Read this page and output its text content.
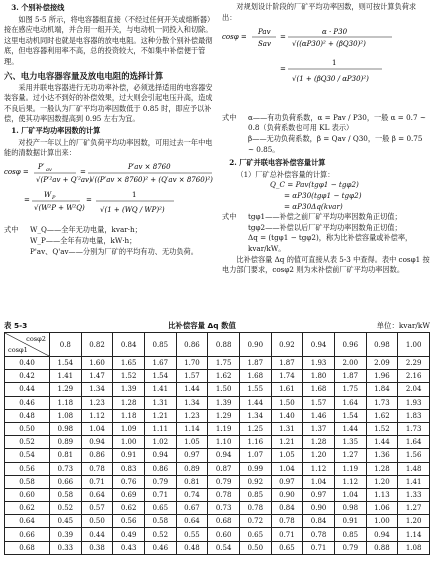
3. 个别补偿接线

如图 5-5 所示，将电容器组直接（不经过任何开关或熔断器）接在感应电动机端，并合用一组开关，与电动机一同投入和切除。这里电动机同时也就是电容器的放电电阻。这种分散个别补偿最彻底，但电容器利用率不高，总的投资较大，不如集中补偿便于管理。

六、电力电容器容量及放电电阻的选择计算

采用并联电容器进行无功功率补偿，必须选择适用的电容器安装容量。过小达不到好的补偿效果，过大则会引起电压升高，造成不良后果。一般认为厂矿平均功率因数低于 0.85 时，即应予以补偿，使其功率因数提高到 0.95 左右为宜。

1. 厂矿平均功率因数的计算

对投产一年以上的厂矿负荷平均功率因数，可用过去一年中电能的清数据计算出来：

cosφ =
P′ av
√(P′²av + Q′²av)
=
P′av × 8760
√((P′av × 8760)² + (Q′av × 8760)²)
=
W P
√(W²P + W²Q)
=
1
√(1 + (WQ / WP)²)
式中	W_Q——全年无功电量，kvar·h；
W_P——全年有功电量，kW·h；
P'av、Q'av——分别为厂矿的平均有功、无功负荷。

对规划设计阶段的厂矿平均功率因数，则可按计算负荷求出：

cosφ =
Pav
Sav
=
α · P30
√((αP30)² + (βQ30)²)
=
1
√(1 + (βQ30 / αP30)²)
式中	α——有功负荷系数，α = Pav / P30，一般 α = 0.7 ~ 0.8（负荷系数也可用 KL 表示）
β——无功负荷系数，β = Qav / Q30，一般 β = 0.75 ~ 0.85。
2. 厂矿并联电容补偿容量计算

（1）厂矿总补偿容量的计算：

Q_C = Pav(tgφ1 − tgφ2)
= αP30(tgφ1 − tgφ2)
= αP30Δq(kvar)
式中	tgφ1——补偿之前厂矿平均功率因数角正切值；
tgφ2——补偿以后厂矿平均功率因数角正切值；
Δq = (tgφ1 − tgφ2)，称为比补偿容量或补偿率，kvar/kW。

比补偿容量 Δq 的值可直接从表 5-3 中查得。表中 cosφ1 按电力部门要求，cosφ2 则为未补偿前厂矿平均功率因数。

表 5-3	比补偿容量 Δq 数值	单位：kvar/kW
cosφ2
cosφ1	0.8	0.82	0.84	0.85	0.86	0.88	0.90	0.92	0.94	0.96	0.98	1.00
0.40	1.54	1.60	1.65	1.67	1.70	1.75	1.87	1.87	1.93	2.00	2.09	2.29
0.42	1.41	1.47	1.52	1.54	1.57	1.62	1.68	1.74	1.80	1.87	1.96	2.16
0.44	1.29	1.34	1.39	1.41	1.44	1.50	1.55	1.61	1.68	1.75	1.84	2.04
0.46	1.18	1.23	1.28	1.31	1.34	1.39	1.44	1.50	1.57	1.64	1.73	1.93
0.48	1.08	1.12	1.18	1.21	1.23	1.29	1.34	1.40	1.46	1.54	1.62	1.83
0.50	0.98	1.04	1.09	1.11	1.14	1.19	1.25	1.31	1.37	1.44	1.52	1.73
0.52	0.89	0.94	1.00	1.02	1.05	1.10	1.16	1.21	1.28	1.35	1.44	1.64
0.54	0.81	0.86	0.91	0.94	0.97	0.94	1.07	1.05	1.20	1.27	1.36	1.56
0.56	0.73	0.78	0.83	0.86	0.89	0.87	0.99	1.04	1.12	1.19	1.28	1.48
0.58	0.66	0.71	0.76	0.79	0.81	0.79	0.92	0.97	1.04	1.12	1.20	1.41
0.60	0.58	0.64	0.69	0.71	0.74	0.78	0.85	0.90	0.97	1.04	1.13	1.33
0.62	0.52	0.57	0.62	0.65	0.67	0.73	0.78	0.84	0.90	0.98	1.06	1.27
0.64	0.45	0.50	0.56	0.58	0.64	0.68	0.72	0.78	0.84	0.91	1.00	1.20
0.66	0.39	0.44	0.49	0.52	0.55	0.60	0.65	0.71	0.78	0.85	0.94	1.14
0.68	0.33	0.38	0.43	0.46	0.48	0.54	0.50	0.65	0.71	0.79	0.88	1.08
